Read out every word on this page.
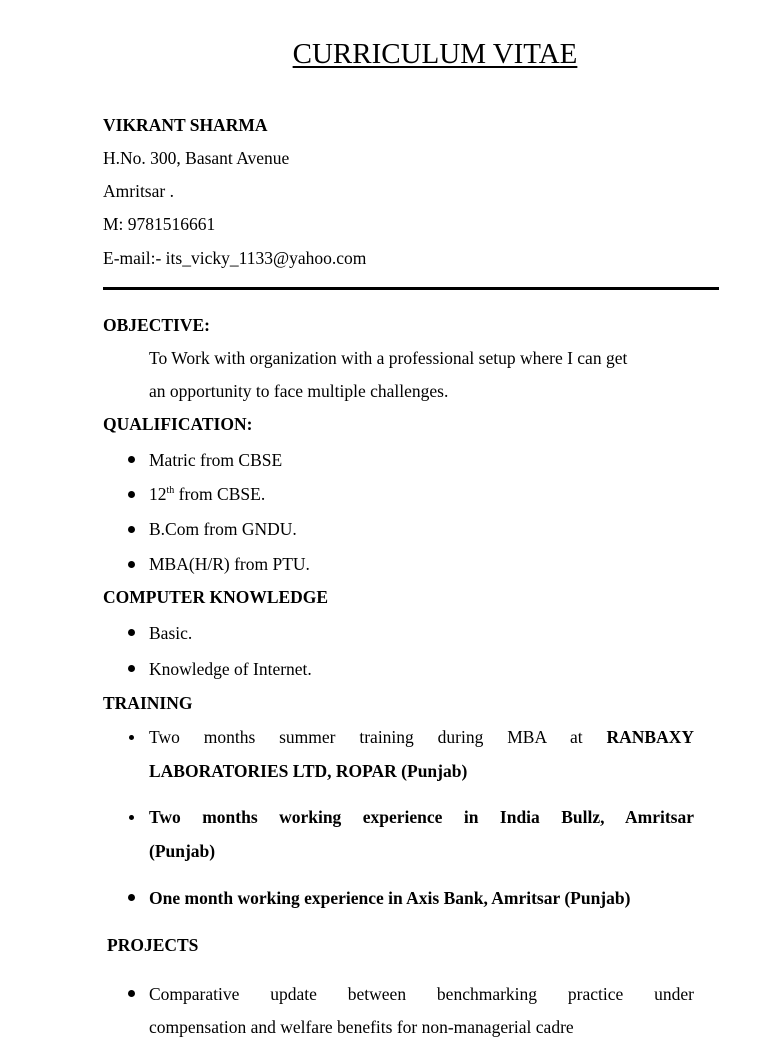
CURRICULUM VITAE
VIKRANT SHARMA
H.No. 300, Basant Avenue
Amritsar .
M: 9781516661
E-mail:- its_vicky_1133@yahoo.com
OBJECTIVE:
To Work with organization with a professional setup where I can get
an opportunity to face multiple challenges.
QUALIFICATION:
Matric from CBSE
12th from CBSE.
B.Com from GNDU.
MBA(H/R) from PTU.
COMPUTER KNOWLEDGE
Basic.
Knowledge of Internet.
TRAINING
Two months summer training during MBA at RANBAXY
LABORATORIES LTD, ROPAR (Punjab)
Two months working experience in India Bullz, Amritsar
(Punjab)
One month working experience in Axis Bank, Amritsar (Punjab)
PROJECTS
Comparative update between benchmarking practice under
compensation and welfare benefits for non-managerial cadre
